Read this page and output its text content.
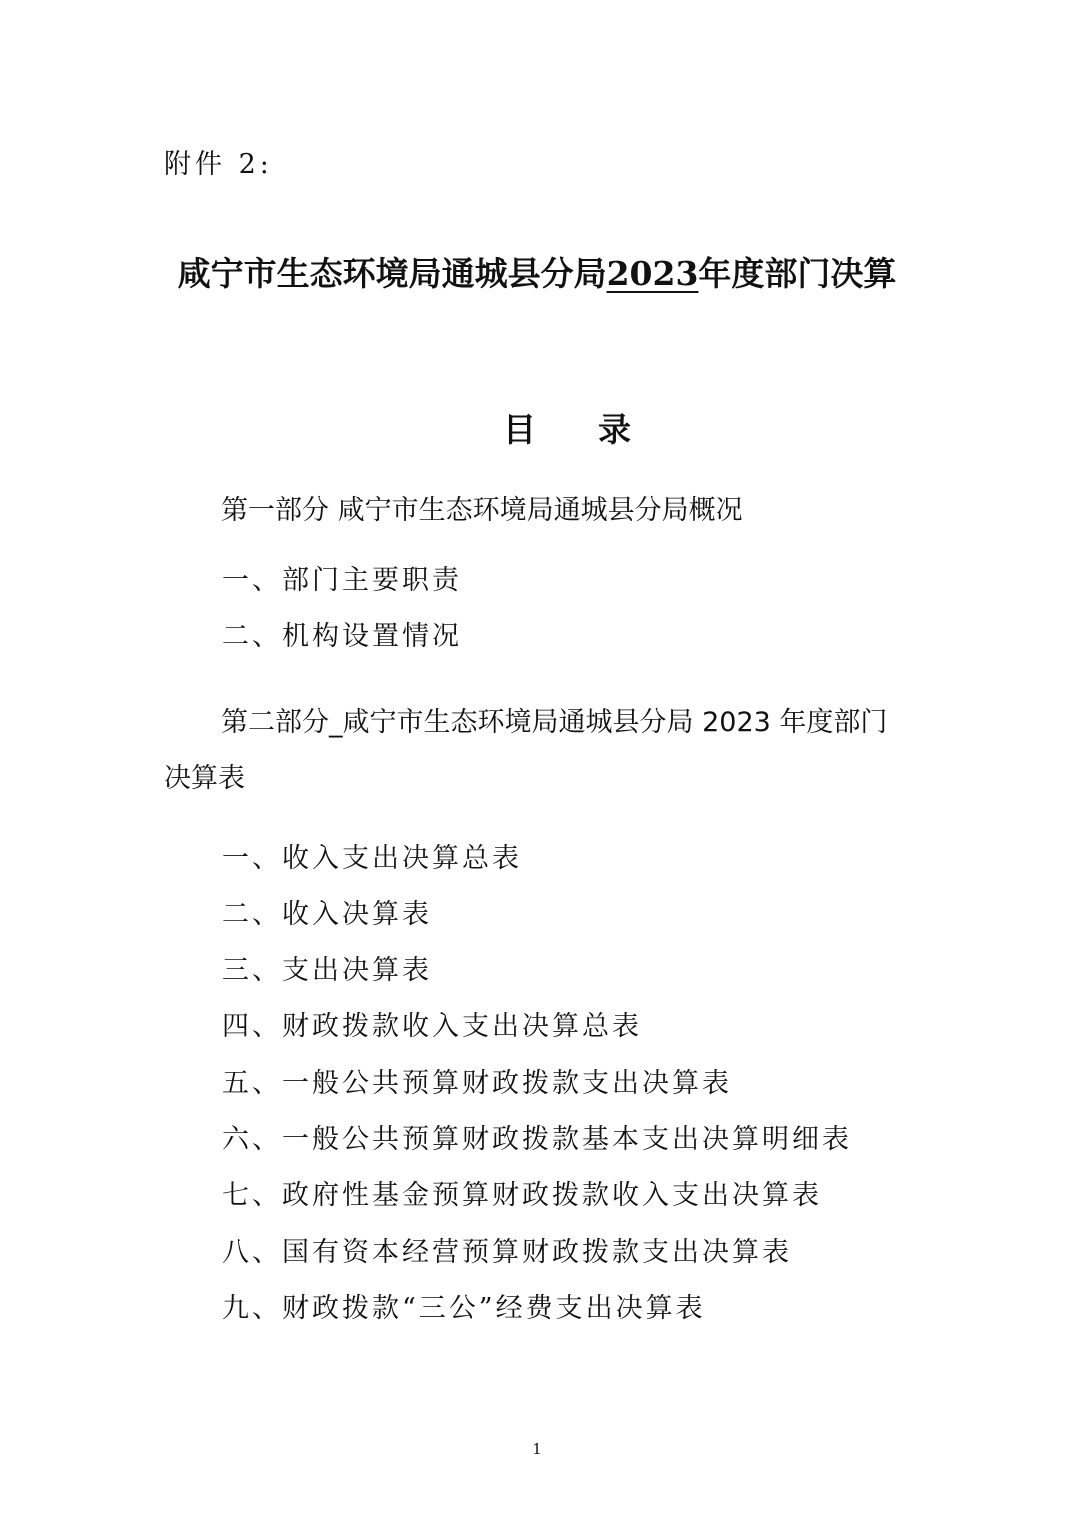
附件 2:
咸宁市生态环境局通城县分局2023年度部门决算
目录
第一部分 咸宁市生态环境局通城县分局概况
一、部门主要职责
二、机构设置情况
第二部分_咸宁市生态环境局通城县分局 2023 年度部门
决算表
一、收入支出决算总表
二、收入决算表
三、支出决算表
四、财政拨款收入支出决算总表
五、一般公共预算财政拨款支出决算表
六、一般公共预算财政拨款基本支出决算明细表
七、政府性基金预算财政拨款收入支出决算表
八、国有资本经营预算财政拨款支出决算表
九、财政拨款“三公”经费支出决算表
1
